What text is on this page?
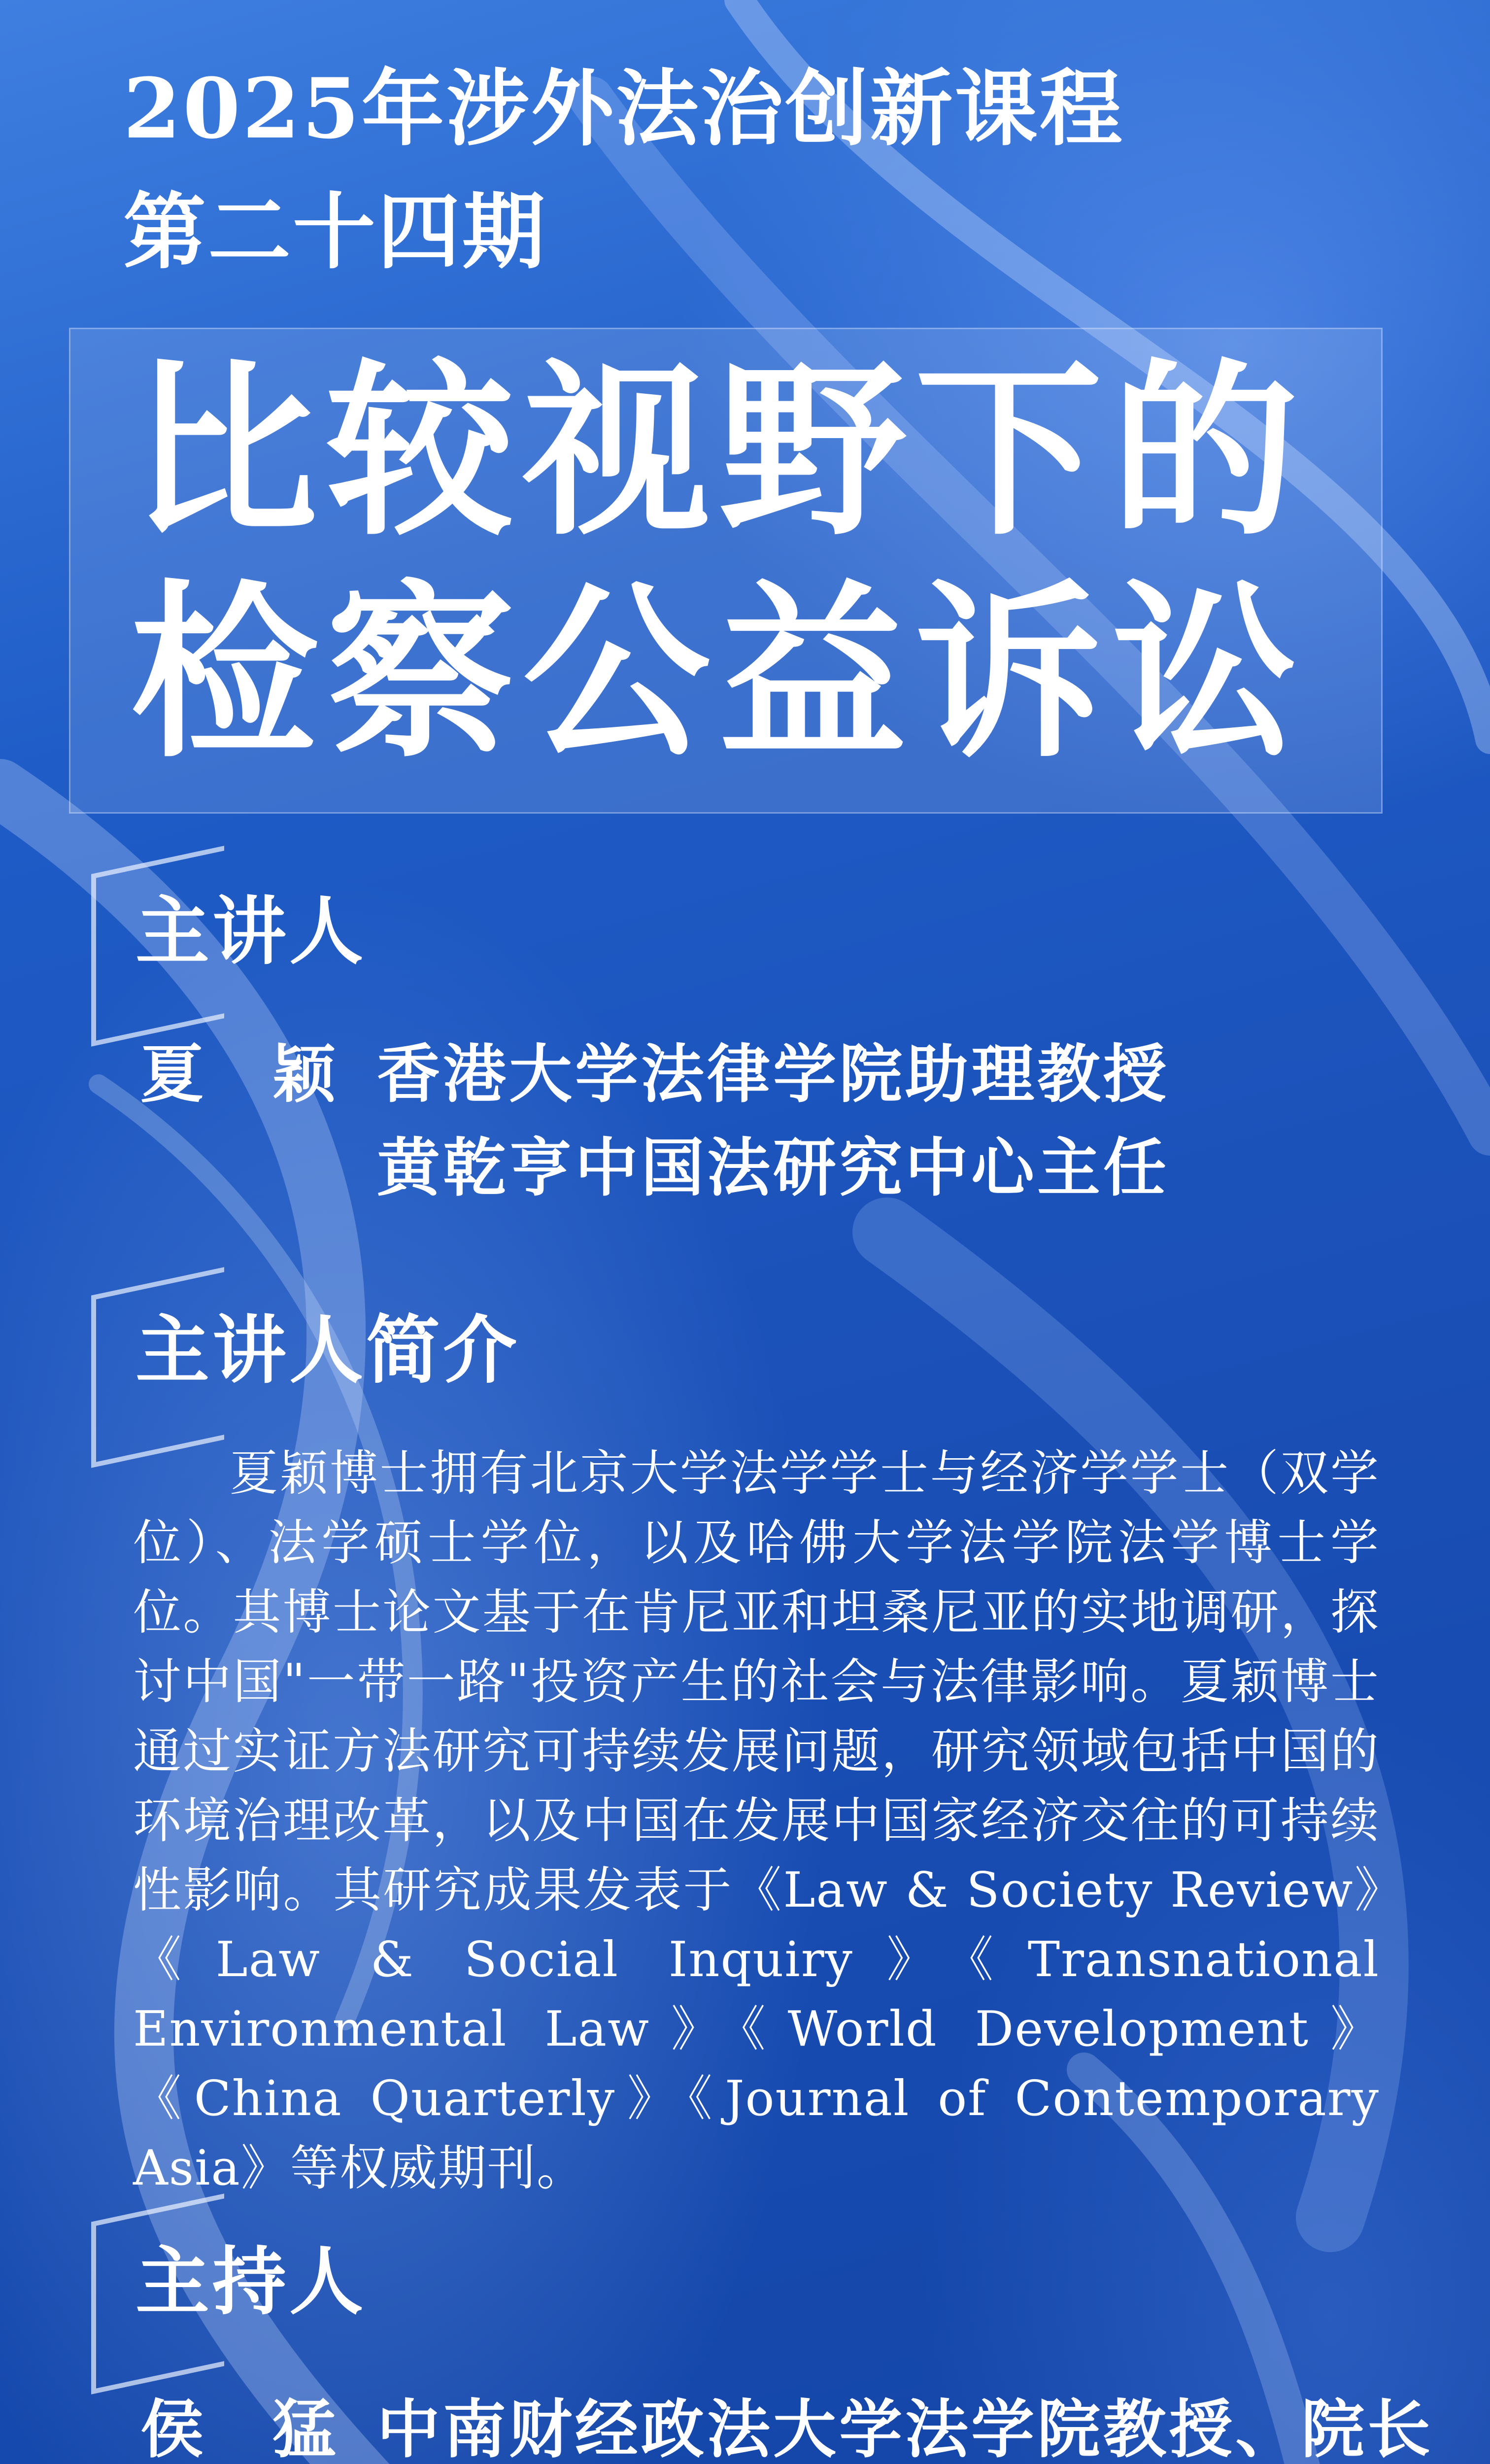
2025年涉外法治创新课程
第二十四期
比较视野下的
检察公益诉讼
主讲人
夏　颖 香港大学法律学院助理教授
黄乾亨中国法研究中心主任
主讲人简介
夏颖博士拥有北京大学法学学士与经济学学士（双学位）、法学硕士学位，以及哈佛大学法学院法学博士学位。其博士论文基于在肯尼亚和坦桑尼亚的实地调研，探讨中国"一带一路"投资产生的社会与法律影响。夏颖博士通过实证方法研究可持续发展问题，研究领域包括中国的环境治理改革，以及中国在发展中国家经济交往的可持续性影响。其研究成果发表于《Law & Society Review》《Law & Social Inquiry》《Transnational Environmental Law》《World Development》《China Quarterly》《Journal of Contemporary Asia》等权威期刊。
主持人
侯　猛 中南财经政法大学法学院教授、院长
